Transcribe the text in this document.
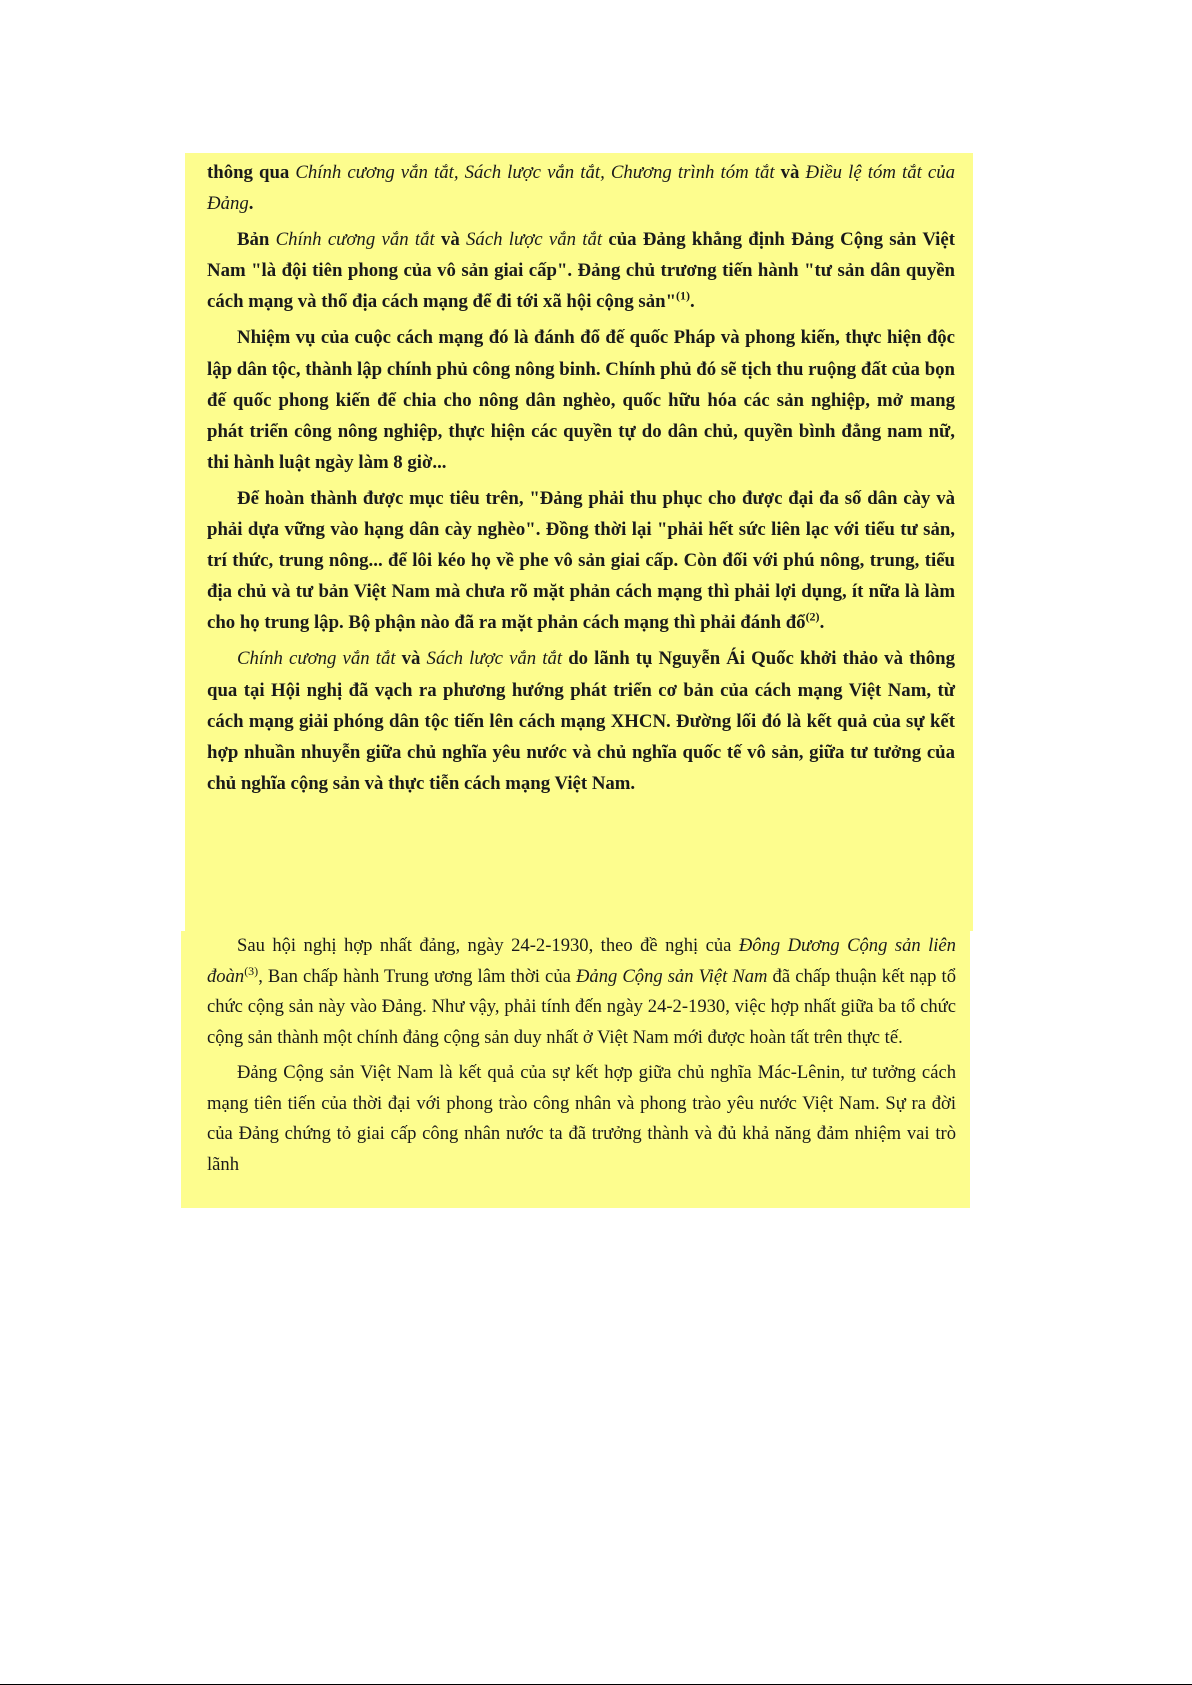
thông qua Chính cương vắn tắt, Sách lược vắn tắt, Chương trình tóm tắt và Điều lệ tóm tắt của Đảng.

Bản Chính cương vắn tắt và Sách lược vắn tắt của Đảng khẳng định Đảng Cộng sản Việt Nam "là đội tiên phong của vô sản giai cấp". Đảng chủ trương tiến hành "tư sản dân quyền cách mạng và thổ địa cách mạng để đi tới xã hội cộng sản"$^{(1)}$.

Nhiệm vụ của cuộc cách mạng đó là đánh đổ đế quốc Pháp và phong kiến, thực hiện độc lập dân tộc, thành lập chính phủ công nông binh. Chính phủ đó sẽ tịch thu ruộng đất của bọn đế quốc phong kiến để chia cho nông dân nghèo, quốc hữu hóa các sản nghiệp, mở mang phát triển công nông nghiệp, thực hiện các quyền tự do dân chủ, quyền bình đẳng nam nữ, thi hành luật ngày làm 8 giờ...

Để hoàn thành được mục tiêu trên, "Đảng phải thu phục cho được đại đa số dân cày và phải dựa vững vào hạng dân cày nghèo". Đồng thời lại "phải hết sức liên lạc với tiểu tư sản, trí thức, trung nông... để lôi kéo họ về phe vô sản giai cấp. Còn đối với phú nông, trung, tiểu địa chủ và tư bản Việt Nam mà chưa rõ mặt phản cách mạng thì phải lợi dụng, ít nữa là làm cho họ trung lập. Bộ phận nào đã ra mặt phản cách mạng thì phải đánh đổ$^{(2)}$.

Chính cương vắn tắt và Sách lược vắn tắt do lãnh tụ Nguyễn Ái Quốc khởi thảo và thông qua tại Hội nghị đã vạch ra phương hướng phát triển cơ bản của cách mạng Việt Nam, từ cách mạng giải phóng dân tộc tiến lên cách mạng XHCN. Đường lối đó là kết quả của sự kết hợp nhuần nhuyễn giữa chủ nghĩa yêu nước và chủ nghĩa quốc tế vô sản, giữa tư tưởng của chủ nghĩa cộng sản và thực tiễn cách mạng Việt Nam.

Sau hội nghị hợp nhất đảng, ngày 24-2-1930, theo đề nghị của Đông Dương Cộng sản liên đoàn$^{(3)}$, Ban chấp hành Trung ương lâm thời của Đảng Cộng sản Việt Nam đã chấp thuận kết nạp tổ chức cộng sản này vào Đảng. Như vậy, phải tính đến ngày 24-2-1930, việc hợp nhất giữa ba tổ chức cộng sản thành một chính đảng cộng sản duy nhất ở Việt Nam mới được hoàn tất trên thực tế.

Đảng Cộng sản Việt Nam là kết quả của sự kết hợp giữa chủ nghĩa Mác-Lênin, tư tưởng cách mạng tiên tiến của thời đại với phong trào công nhân và phong trào yêu nước Việt Nam. Sự ra đời của Đảng chứng tỏ giai cấp công nhân nước ta đã trưởng thành và đủ khả năng đảm nhiệm vai trò lãnh
